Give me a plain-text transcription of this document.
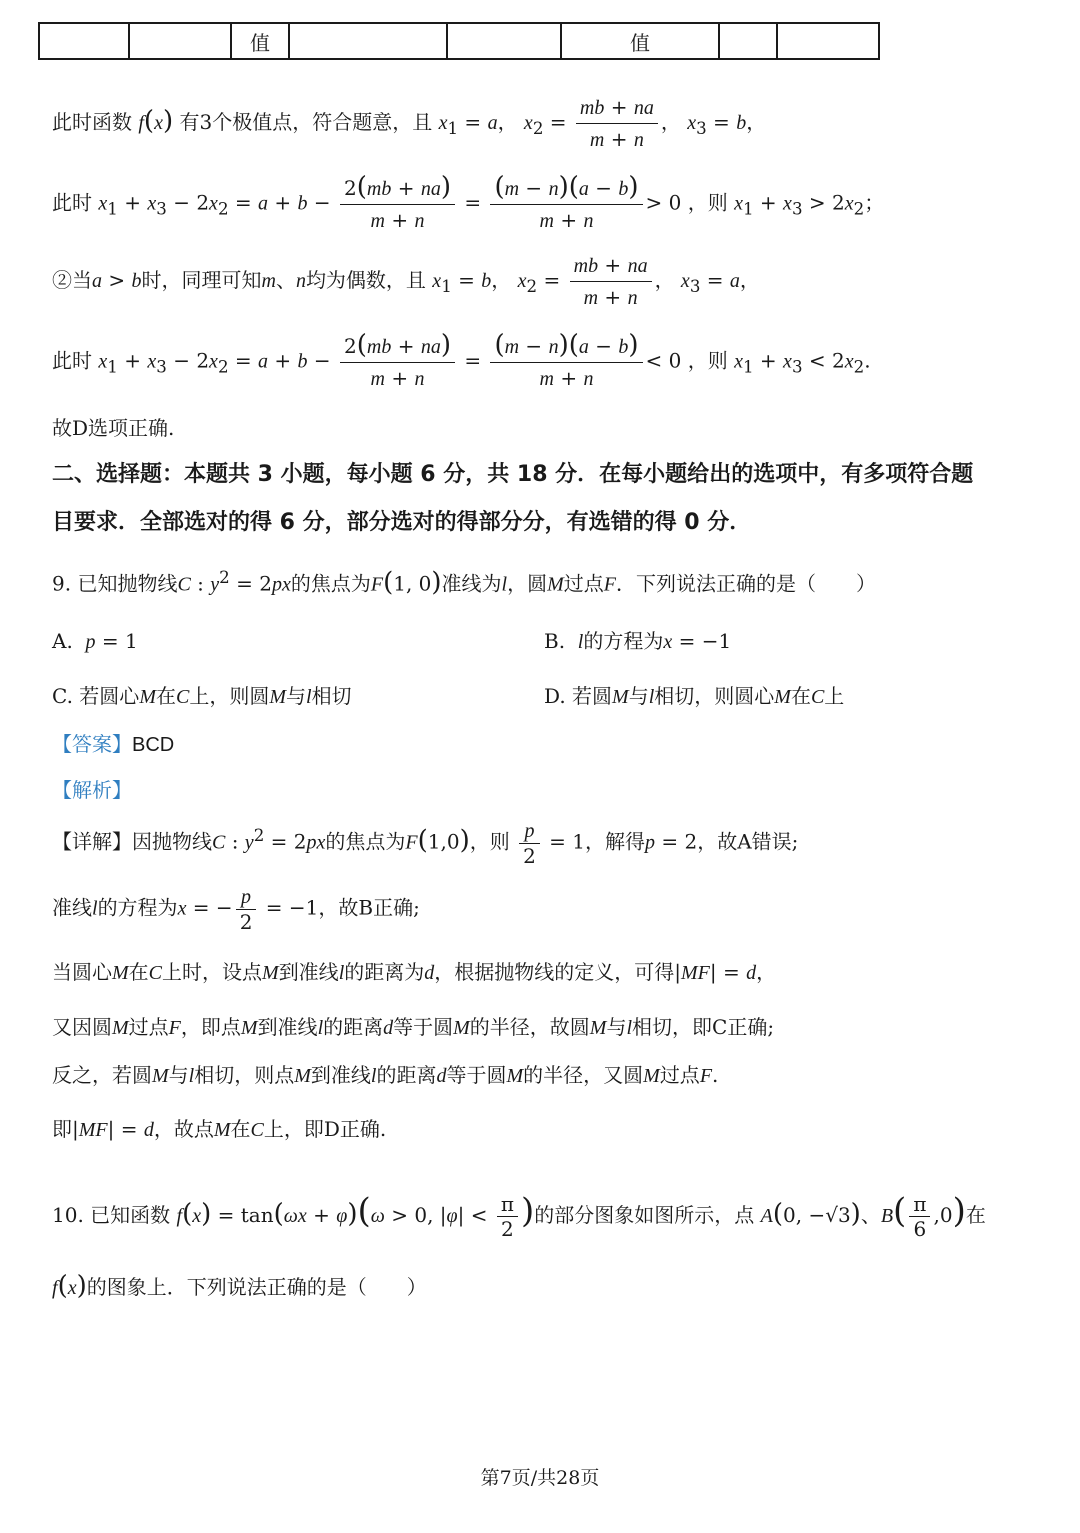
		值			值		
此时函数 f(x) 有3个极值点，符合题意，且 $x_1 = a$， $x_2 = \frac{mb + na}{m + n}$ ， $x_3 = b$，
此时 $x_1 + x_3 - 2x_2 = a + b - \frac{2(mb + na)}{m + n} = \frac{(m - n)(a - b)}{m + n} > 0$ ，则 $x_1 + x_3 > 2x_2$；
②当a > b时，同理可知m、n均为偶数，且 $x_1 = b$， $x_2 = \frac{mb + na}{m + n}$ ， $x_3 = a$，
此时 $x_1 + x_3 - 2x_2 = a + b - \frac{2(mb + na)}{m + n} = \frac{(m - n)(a - b)}{m + n} < 0$ ，则 $x_1 + x_3 < 2x_2$.
故D选项正确.
二、选择题：本题共 3 小题，每小题 6 分，共 18 分．在每小题给出的选项中，有多项符合题
目要求．全部选对的得 6 分，部分选对的得部分分，有选错的得 0 分．
9. 已知抛物线C : $y^2 = 2px$的焦点为F(1, 0)准线为l，圆M过点F．下列说法正确的是（　　）
A. p = 1	B. l的方程为x = −1
C. 若圆心M在C上，则圆M与l相切	D. 若圆M与l相切，则圆心M在C上
【答案】BCD
【解析】
【详解】因抛物线C : $y^2 = 2px$的焦点为F(1,0)，则 $\frac{p}{2} = 1$，解得p = 2，故A错误;
准线l的方程为x = − $\frac{p}{2} = -1$，故B正确;
当圆心M在C上时，设点M到准线l的距离为d，根据抛物线的定义，可得|MF| = d，
又因圆M过点F，即点M到准线l的距离d等于圆M的半径，故圆M与l相切，即C正确;
反之，若圆M与l相切，则点M到准线l的距离d等于圆M的半径，又圆M过点F.
即|MF| = d，故点M在C上，即D正确.
10. 已知函数 f(x) = tan(ωx + φ)(ω > 0, $|\varphi| < \frac{\pi}{2}$ )的部分图象如图所示，点 A(0, −√3)、$B( \frac{\pi}{6} ,0)$在
f(x)的图象上．下列说法正确的是（　　）
第7页/共28页
